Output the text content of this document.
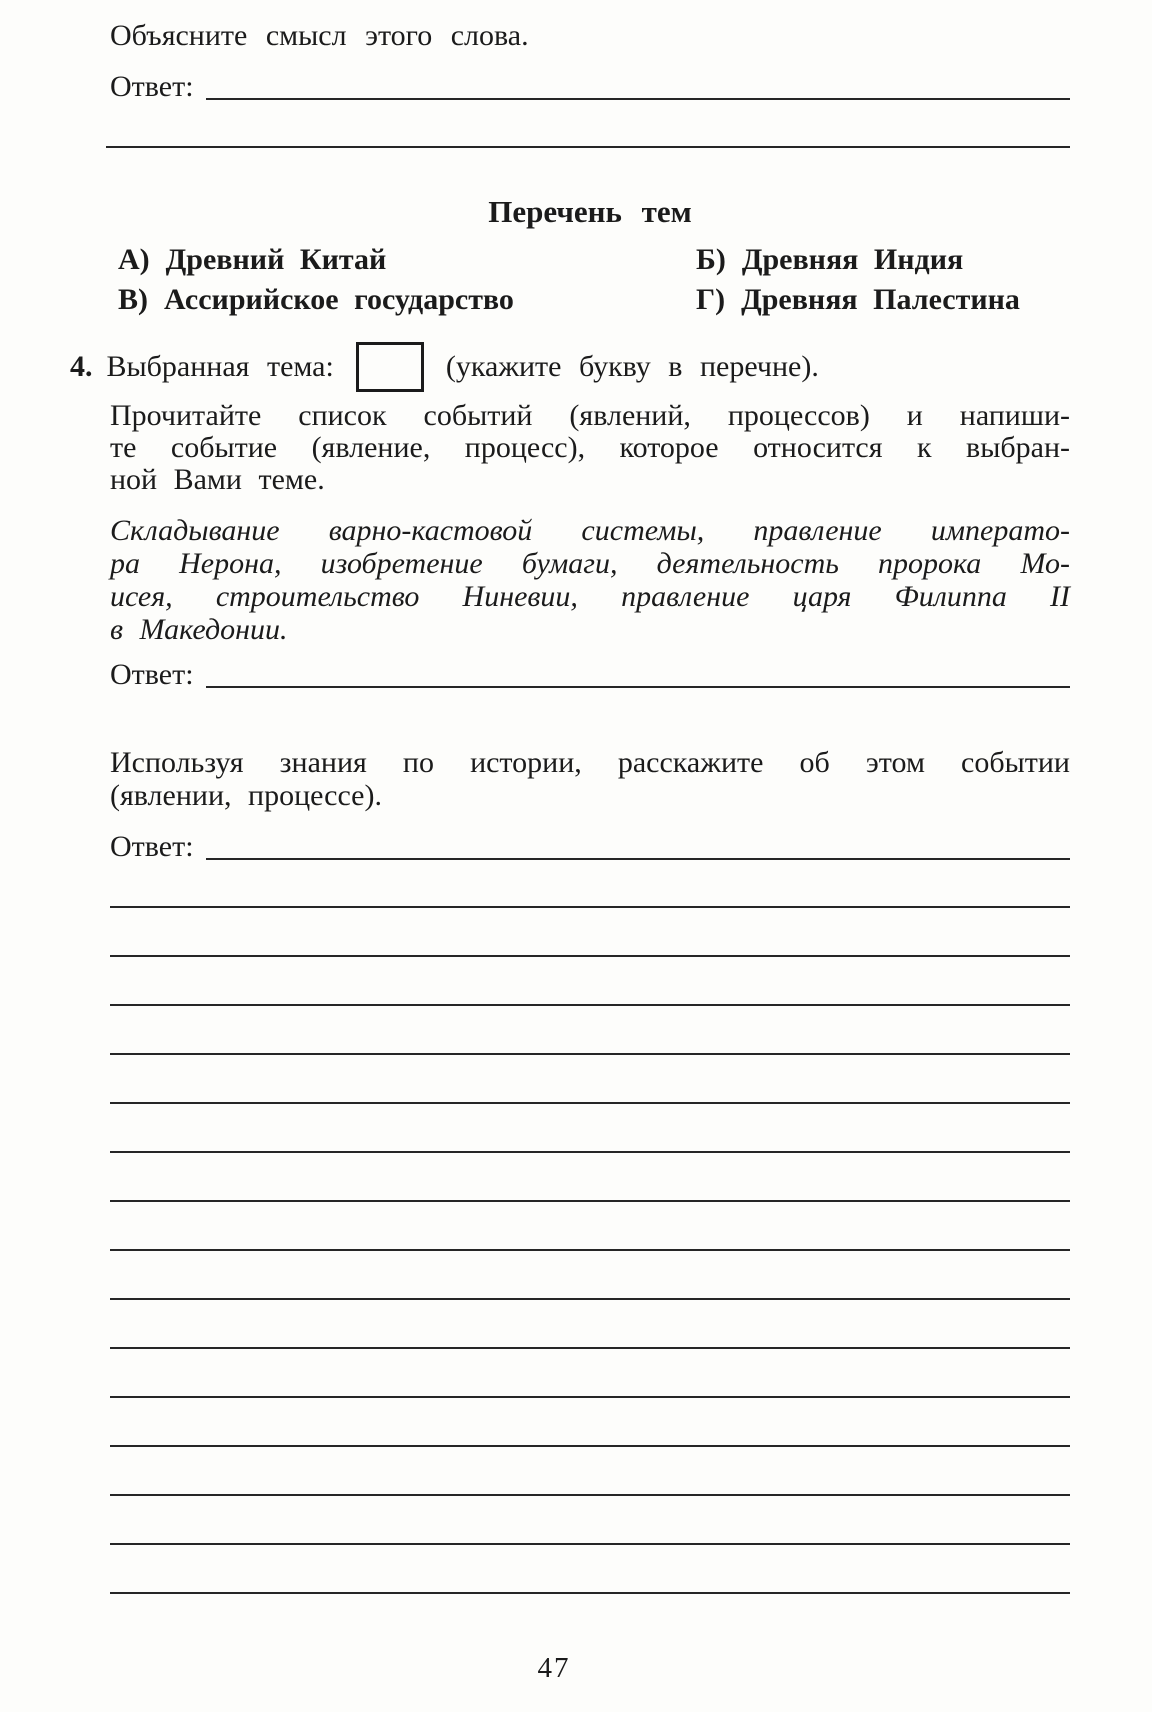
Объясните смысл этого слова.
Ответ:
Перечень тем
А) Древний Китай	Б) Древняя Индия
В) Ассирийское государство	Г) Древняя Палестина
4. Выбранная тема:	(укажите букву в перечне).
Прочитайте список событий (явлений, процессов) и напиши-
те событие (явление, процесс), которое относится к выбран-
ной Вами теме.
Складывание варно-кастовой системы, правление императо-
ра Нерона, изобретение бумаги, деятельность пророка Мо-
исея, строительство Ниневии, правление царя Филиппа II
в Македонии.
Ответ:
Используя знания по истории, расскажите об этом событии
(явлении, процессе).
Ответ:
47
